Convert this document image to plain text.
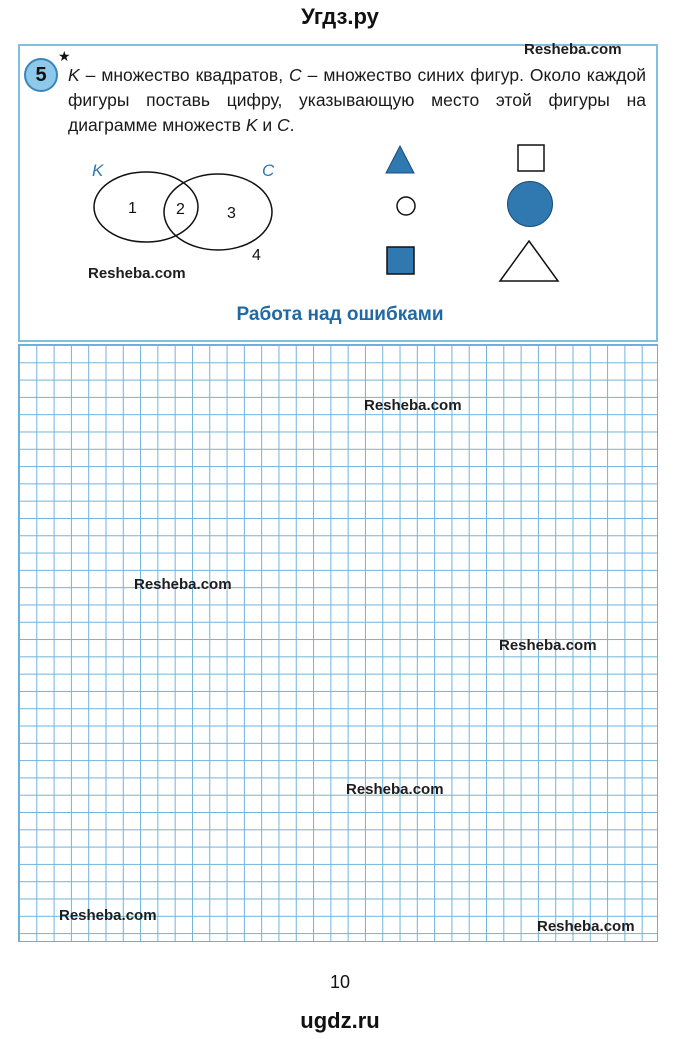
Угдз.ру
Resheba.com
5
★
K – множество квадратов, C – множество синих фигур. Около каждой фигуры поставь цифру, указывающую место этой фигуры на диаграмме множеств K и C.
K	C
1 2	3
4
Resheba.com
Работа над ошибками
Resheba.com
Resheba.com
Resheba.com
Resheba.com
Resheba.com
Resheba.com
10
ugdz.ru
